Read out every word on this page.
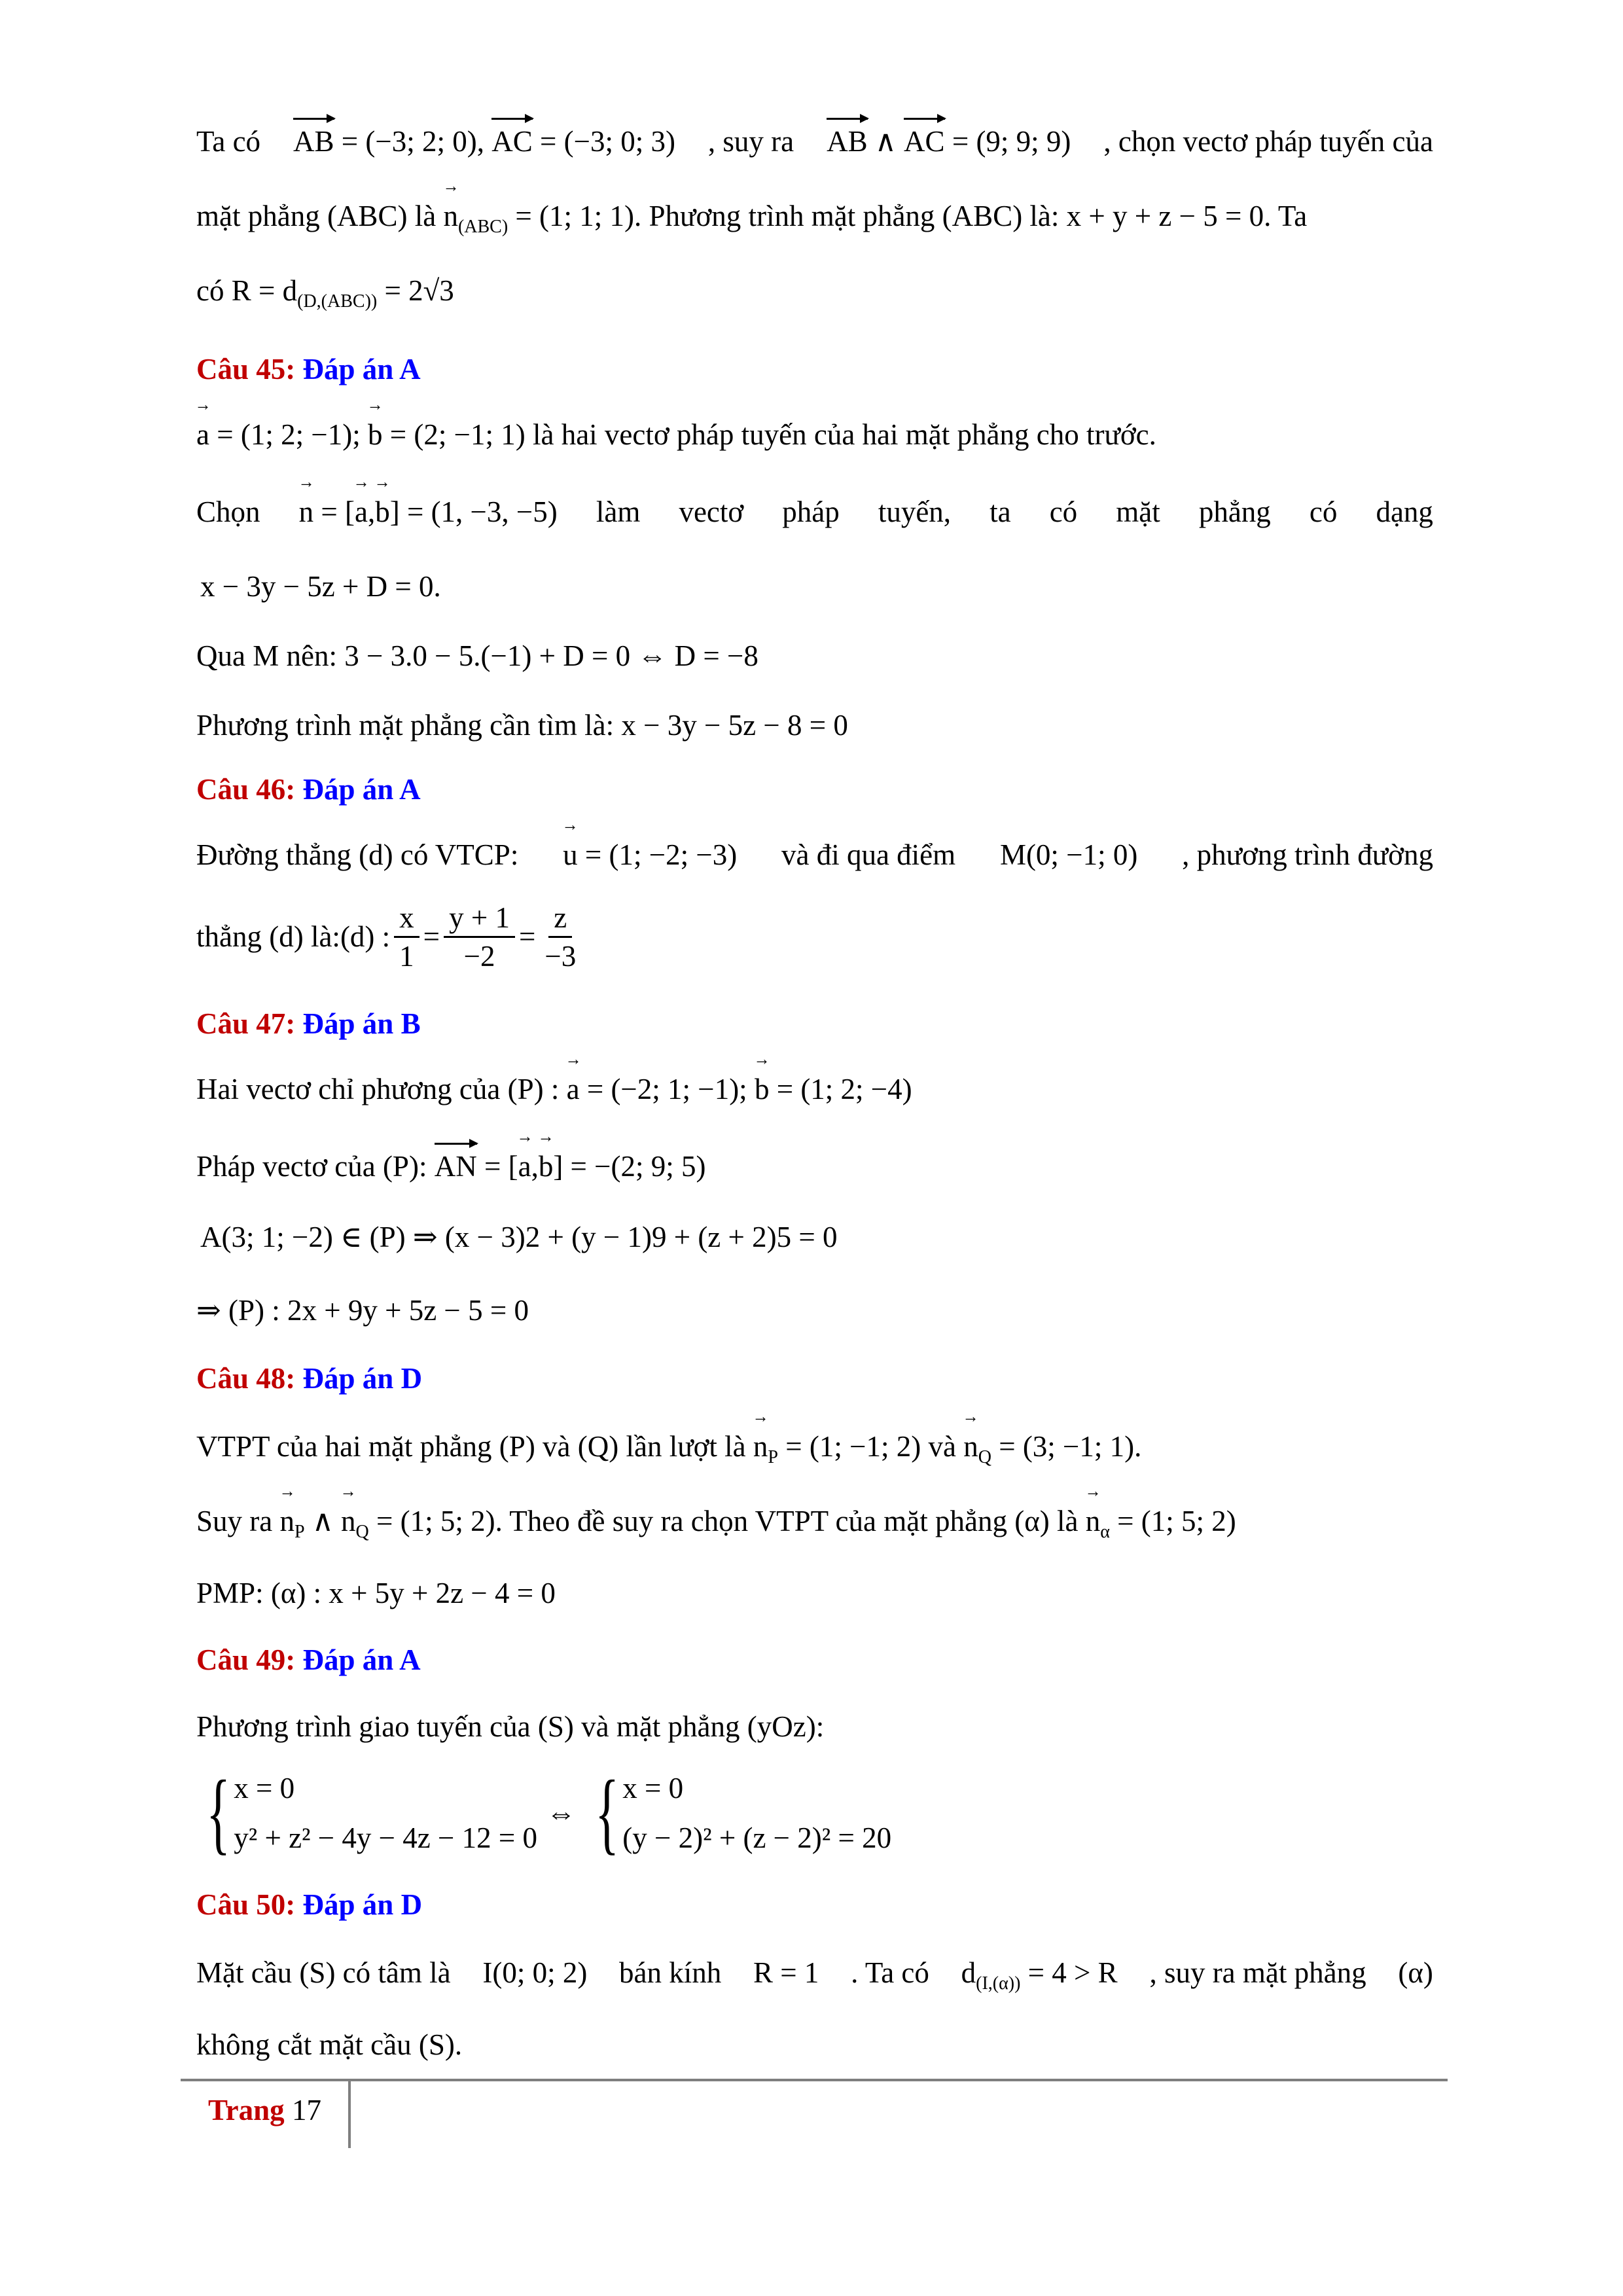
Ta có AB = (−3; 2; 0), AC = (−3; 0; 3) , suy ra AB ∧ AC = (9; 9; 9) , chọn vectơ pháp tuyến của
mặt phẳng (ABC) là → $n_{(ABC)} = (1$; 1; 1). Phương trình mặt phẳng (ABC) là: x + y + z − 5 = 0. Ta
có $R = d_{(D,(ABC))} = 2√3$
Câu 45: Đáp án A
→ a = (1; 2; −1); → b = (2; −1; 1) là hai vectơ pháp tuyến của hai mặt phẳng cho trước.
Chọn → n = [→ a,→ b] = (1, −3, −5) làm vectơ pháp tuyến, ta có mặt phẳng có dạng
x − 3y − 5z + D = 0.
Qua M nên: 3 − 3.0 − 5.(−1) + D = 0 ⇔ D = −8
Phương trình mặt phẳng cần tìm là: x − 3y − 5z − 8 = 0
Câu 46: Đáp án A
Đường thẳng (d) có VTCP: → u = (1; −2; −3) và đi qua điểm M(0; −1; 0) , phương trình đường
thẳng (d) là: (d) : $\frac{x}{1} = \frac{y + 1}{-2} = \frac{z}{-3}$
Câu 47: Đáp án B
Hai vectơ chỉ phương của (P) : → a = (−2; 1; −1); → b = (1; 2; −4)
Pháp vectơ của (P): AN = [→ a,→ b] = −(2; 9; 5)
A(3; 1; −2) ∈ (P) ⇒ (x − 3)2 + (y − 1)9 + (z + 2)5 = 0
⇒ (P) : 2x + 9y + 5z − 5 = 0
Câu 48: Đáp án D
VTPT của hai mặt phẳng (P) và (Q) lần lượt là → $n_P = (1$; −1; 2) và → $n_Q = (3$; −1; 1).
Suy ra → $n_P$ ∧ → $n_Q = (1$; 5; 2). Theo đề suy ra chọn VTPT của mặt phẳng (α) là → $n_\alpha = (1$; 5; 2)
PMP: (α) : x + 5y + 2z − 4 = 0
Câu 49: Đáp án A
Phương trình giao tuyến của (S) và mặt phẳng (yOz):
{ x = 0
y² + z² − 4y − 4z − 12 = 0
⇔ { x = 0
(y − 2)² + (z − 2)² = 20
Câu 50: Đáp án D
Mặt cầu (S) có tâm là I(0; 0; 2) bán kính R = 1 . Ta có $d_{(I,(\alpha))} = 4 > R$ , suy ra mặt phẳng (α)
không cắt mặt cầu (S).
Trang 17
